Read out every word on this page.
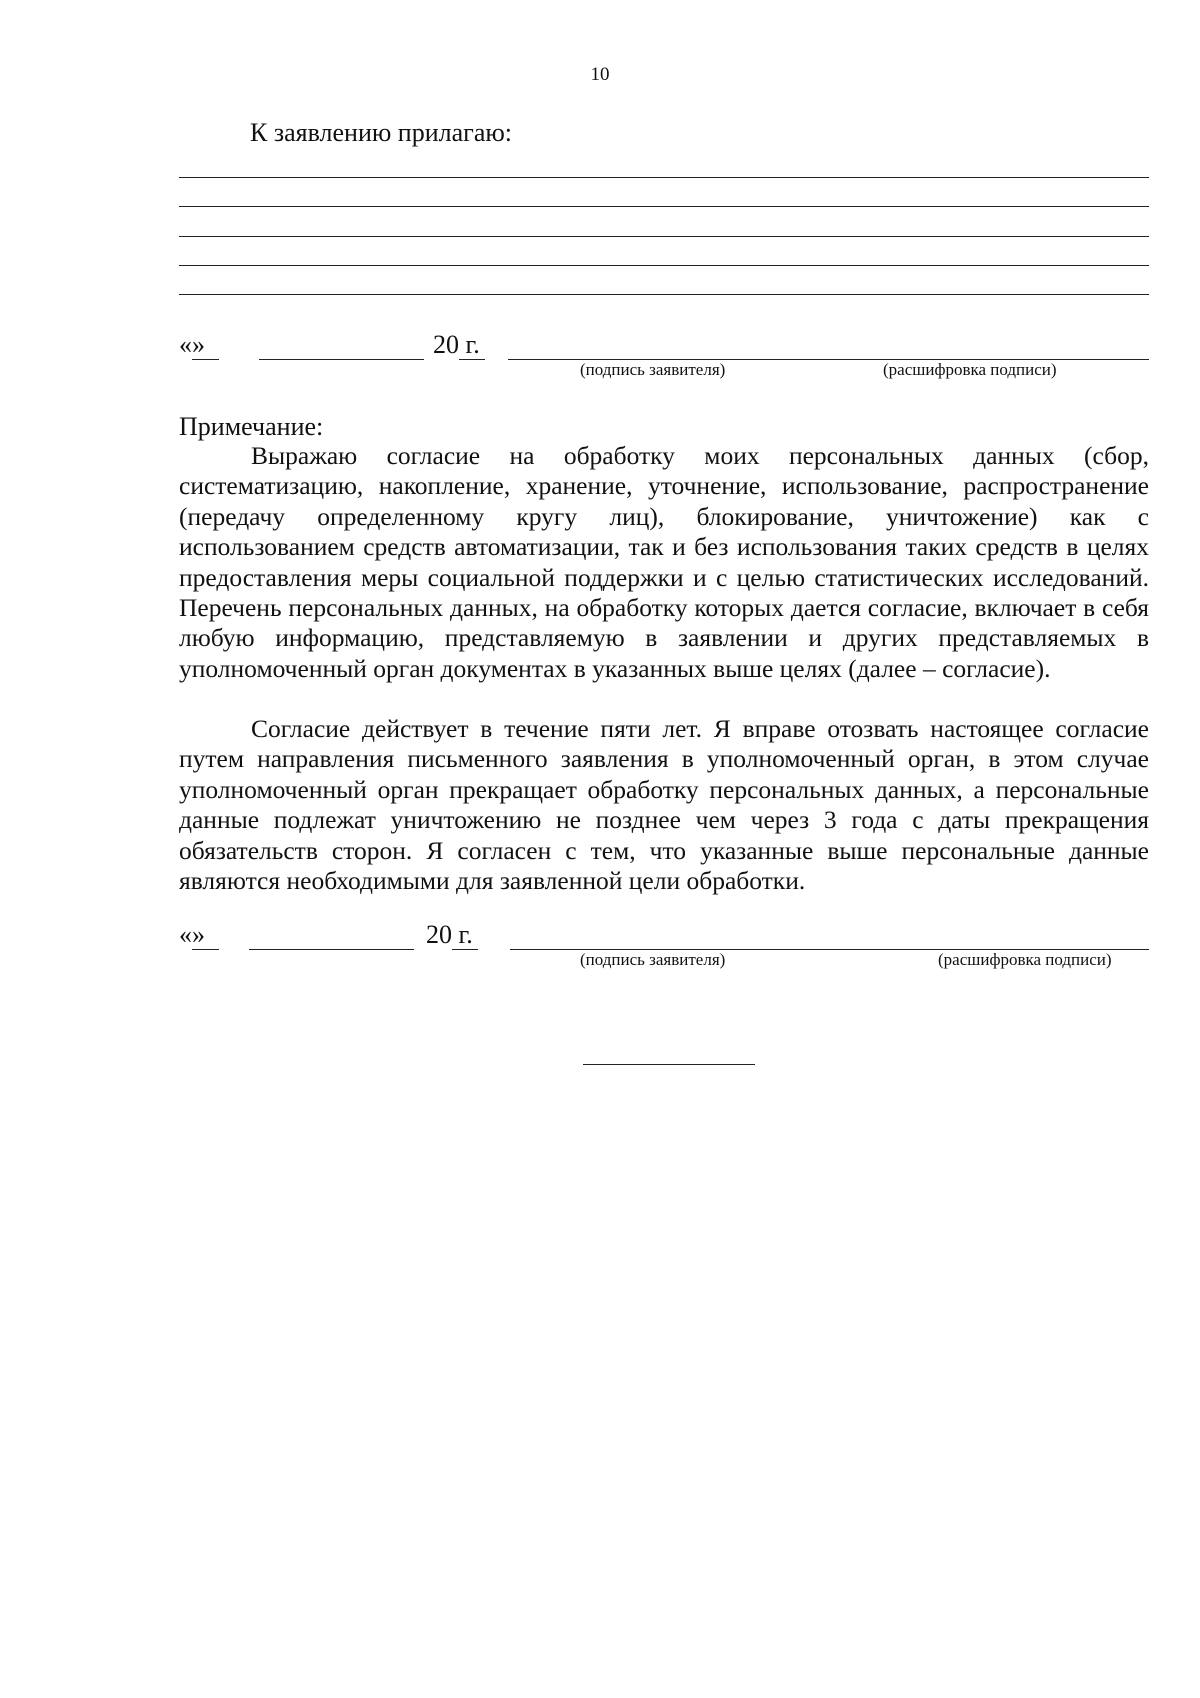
10
К заявлению прилагаю:
«
»	20 г.
(подпись заявителя)	(расшифровка подписи)
Примечание:

Выражаю согласие на обработку моих персональных данных (сбор, систематизацию, накопление, хранение, уточнение, использование, распространение (передачу определенному кругу лиц), блокирование, уничтожение) как с использованием средств автоматизации, так и без использования таких средств в целях предоставления меры социальной поддержки и с целью статистических исследований. Перечень персональных данных, на обработку которых дается согласие, включает в себя любую информацию, представляемую в заявлении и других представляемых в уполномоченный орган документах в указанных выше целях (далее – согласие).

Согласие действует в течение пяти лет. Я вправе отозвать настоящее согласие путем направления письменного заявления в уполномоченный орган, в этом случае уполномоченный орган прекращает обработку персональных данных, а персональные данные подлежат уничтожению не позднее чем через 3 года с даты прекращения обязательств сторон. Я согласен с тем, что указанные выше персональные данные являются необходимыми для заявленной цели обработки.

«
»	20 г.
(подпись заявителя)	(расшифровка подписи)
